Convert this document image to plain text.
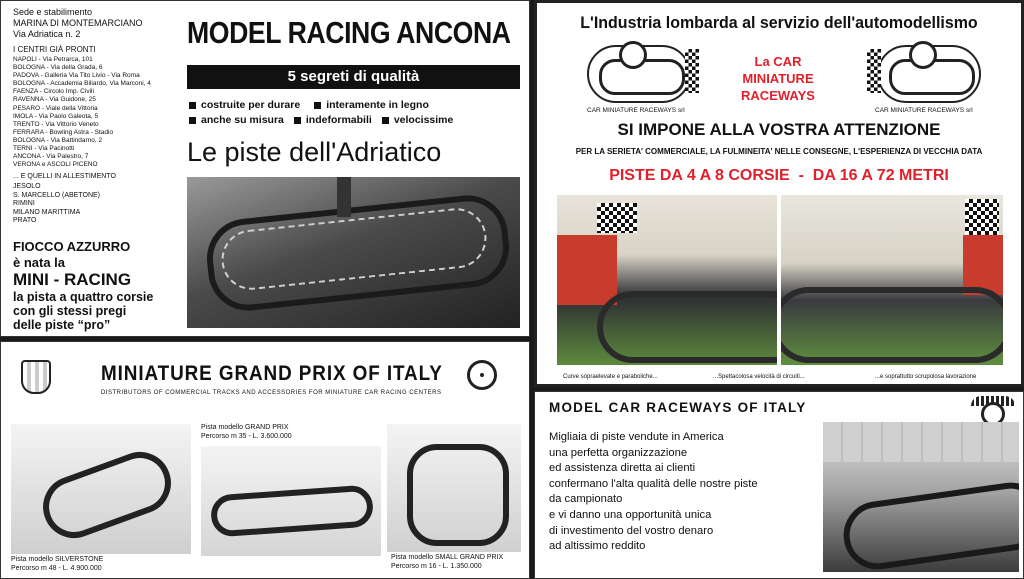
Sede e stabilimento
MARINA DI MONTEMARCIANO
Via Adriatica n. 2
I CENTRI GIÀ PRONTI
NAPOLI - Via Petrarca, 101
BOLOGNA - Via della Grada, 6
PADOVA - Galleria Via Tito Livio - Via Roma
BOLOGNA - Accademia Biliardo, Via Marconi, 4
FAENZA - Circolo Imp. Civili
RAVENNA - Via Guidone, 25
PESARO - Viale della Vittoria
IMOLA - Via Paolo Galeota, 5
TRENTO - Via Vittorio Veneto
FERRARA - Bowling Astra - Stadio
BOLOGNA - Via Battindarno, 2
TERNI - Via Pacinotti
ANCONA - Via Palestro, 7
VERONA e ASCOLI PICENO
... E QUELLI IN ALLESTIMENTO
JESOLO
S. MARCELLO (ABETONE)
RIMINI
MILANO MARITTIMA
PRATO
FIOCCO AZZURRO
è nata la
MINI - RACING
la pista a quattro corsie
con gli stessi pregi
delle piste “pro”
MODEL RACING ANCONA
5 segreti di qualità
costruite per durare interamente in legno
anche su misura indeformabili velocissime
Le piste dell'Adriatico
L'Industria lombarda al servizio dell'automodellismo
CAR MINIATURE RACEWAYS srl
La CAR
MINIATURE
RACEWAYS
CAR MINIATURE RACEWAYS srl
SI IMPONE ALLA VOSTRA ATTENZIONE
PER LA SERIETA' COMMERCIALE, LA FULMINEITA' NELLE CONSEGNE, L'ESPERIENZA DI VECCHIA DATA
PISTE DA 4 A 8 CORSIE  -  DA 16 A 72 METRI
Curve sopraelevate e paraboliche...	...Spettacolosa velocità di circuiti...	...e soprattutto scrupolosa lavorazione
MINIATURE GRAND PRIX OF ITALY
DISTRIBUTORS OF COMMERCIAL TRACKS AND ACCESSORIES FOR MINIATURE CAR RACING CENTERS
Pista modello SILVERSTONE
Percorso m 48 - L. 4.900.000
Pista modello GRAND PRIX
Percorso m 35 - L. 3.600.000
Pista modello SMALL GRAND PRIX
Percorso m 16 - L. 1.350.000
MODEL CAR RACEWAYS OF ITALY
Migliaia di piste vendute in America
una perfetta organizzazione
ed assistenza diretta ai clienti
confermano l'alta qualità delle nostre piste
da campionato
e vi danno una opportunità unica
di investimento del vostro denaro
ad altissimo reddito
